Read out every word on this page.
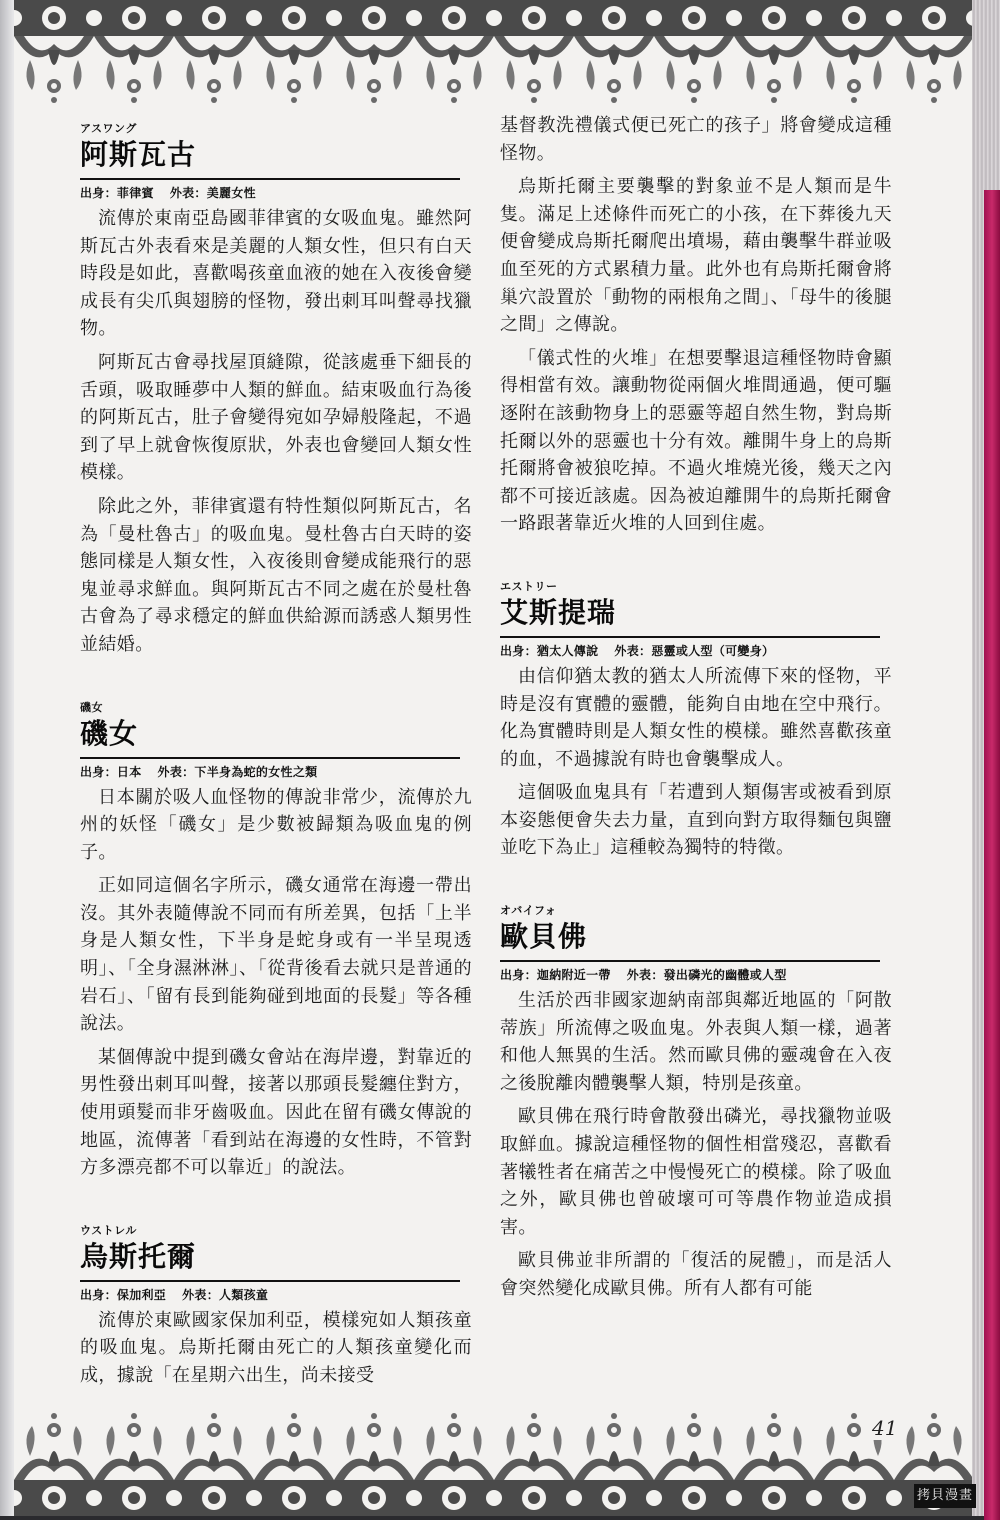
アスワング

阿斯瓦古

出身：菲律賓 外表：美麗女性

流傳於東南亞島國菲律賓的女吸血鬼。雖然阿斯瓦古外表看來是美麗的人類女性，但只有白天時段是如此，喜歡喝孩童血液的她在入夜後會變成長有尖爪與翅膀的怪物，發出刺耳叫聲尋找獵物。

阿斯瓦古會尋找屋頂縫隙，從該處垂下細長的舌頭，吸取睡夢中人類的鮮血。結束吸血行為後的阿斯瓦古，肚子會變得宛如孕婦般隆起，不過到了早上就會恢復原狀，外表也會變回人類女性模樣。

除此之外，菲律賓還有特性類似阿斯瓦古，名為「曼杜魯古」的吸血鬼。曼杜魯古白天時的姿態同樣是人類女性，入夜後則會變成能飛行的惡鬼並尋求鮮血。與阿斯瓦古不同之處在於曼杜魯古會為了尋求穩定的鮮血供給源而誘惑人類男性並結婚。

磯女

磯女

出身：日本 外表：下半身為蛇的女性之類

日本關於吸人血怪物的傳說非常少，流傳於九州的妖怪「磯女」是少數被歸類為吸血鬼的例子。

正如同這個名字所示，磯女通常在海邊一帶出沒。其外表隨傳說不同而有所差異，包括「上半身是人類女性，下半身是蛇身或有一半呈現透明」、「全身濕淋淋」、「從背後看去就只是普通的岩石」、「留有長到能夠碰到地面的長髮」等各種說法。

某個傳說中提到磯女會站在海岸邊，對靠近的男性發出刺耳叫聲，接著以那頭長髮纏住對方，使用頭髮而非牙齒吸血。因此在留有磯女傳說的地區，流傳著「看到站在海邊的女性時，不管對方多漂亮都不可以靠近」的說法。

ウストレル

烏斯托爾

出身：保加利亞 外表：人類孩童

流傳於東歐國家保加利亞，模樣宛如人類孩童的吸血鬼。烏斯托爾由死亡的人類孩童變化而成，據說「在星期六出生，尚未接受

基督教洗禮儀式便已死亡的孩子」將會變成這種怪物。

烏斯托爾主要襲擊的對象並不是人類而是牛隻。滿足上述條件而死亡的小孩，在下葬後九天便會變成烏斯托爾爬出墳場，藉由襲擊牛群並吸血至死的方式累積力量。此外也有烏斯托爾會將巢穴設置於「動物的兩根角之間」、「母牛的後腿之間」之傳說。

「儀式性的火堆」在想要擊退這種怪物時會顯得相當有效。讓動物從兩個火堆間通過，便可驅逐附在該動物身上的惡靈等超自然生物，對烏斯托爾以外的惡靈也十分有效。離開牛身上的烏斯托爾將會被狼吃掉。不過火堆燒光後，幾天之內都不可接近該處。因為被迫離開牛的烏斯托爾會一路跟著靠近火堆的人回到住處。

エストリー

艾斯提瑞

出身：猶太人傳說 外表：惡靈或人型（可變身）

由信仰猶太教的猶太人所流傳下來的怪物，平時是沒有實體的靈體，能夠自由地在空中飛行。化為實體時則是人類女性的模樣。雖然喜歡孩童的血，不過據說有時也會襲擊成人。

這個吸血鬼具有「若遭到人類傷害或被看到原本姿態便會失去力量，直到向對方取得麵包與鹽並吃下為止」這種較為獨特的特徵。

オバイフォ

歐貝佛

出身：迦納附近一帶 外表：發出磷光的幽體或人型

生活於西非國家迦納南部與鄰近地區的「阿散蒂族」所流傳之吸血鬼。外表與人類一樣，過著和他人無異的生活。然而歐貝佛的靈魂會在入夜之後脫離肉體襲擊人類，特別是孩童。

歐貝佛在飛行時會散發出磷光，尋找獵物並吸取鮮血。據說這種怪物的個性相當殘忍，喜歡看著犧牲者在痛苦之中慢慢死亡的模樣。除了吸血之外，歐貝佛也曾破壞可可等農作物並造成損害。

歐貝佛並非所謂的「復活的屍體」，而是活人會突然變化成歐貝佛。所有人都有可能

41
拷貝漫畫
